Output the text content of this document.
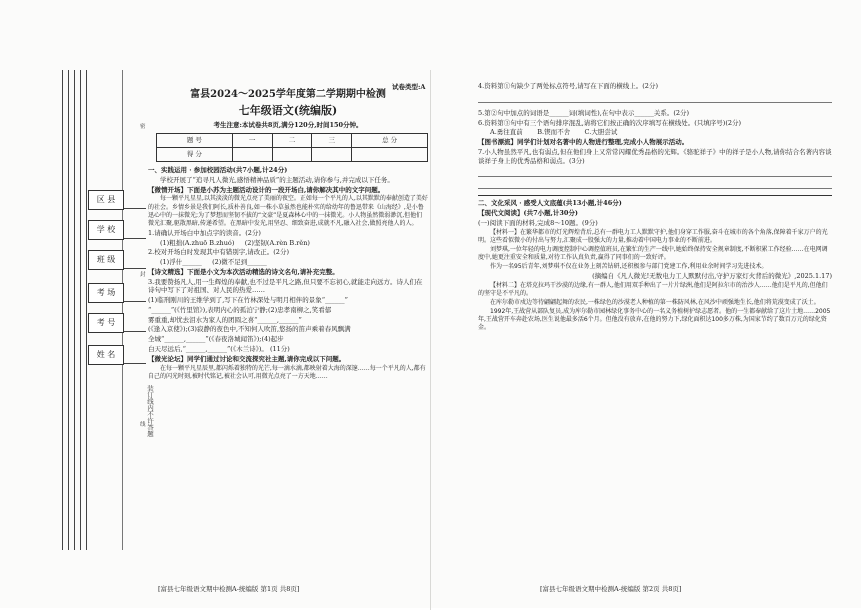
密
封
线
区 县
学 校
班 级
考 场
考 号
姓 名
装订线内不许答题
试卷类型:A
富县2024～2025学年度第二学期期中检测
七年级语文(统编版)
考生注意:本试卷共8页,满分120分,时间150分钟。
题 号	一	二	三	总 分
得 分				
一、实践运用 · 参加校园活动(共7小题,计24分)

学校开展了“追寻凡人微光,感悟精神品质”的主题活动,请你参与,并完成以下任务。

【微情开场】下面是小苏为主题活动设计的一段开场白,请你解决其中的文字问题。

每一颗平凡星星,以其淡淡的微光点亮了美丽的夜空。正如每一个平凡的人,以其默默的奉献创造了美好的社会。乡情乡景是我们阿长,质朴善良,如一株小草虽然也能朴实的给幼年的鲁迅带来《山海经》,是小鲁迅心中的一抹微光;为了梦想而坚韧不拔的“文豪”是夏森林心中的一抹微光。小人物虽然微弱渺沉,但他们微光汇聚,驱散黑暗,传递希望。在黑暗中发光,用坚忍、细致奋进,成就不凡,融入社会,做照亮他人的人。

1.请确认开场白中加点字的读音。(2分)

(1)粗拙(A.zhuō B.zhuó) (2)坚韧(A.rèn B.rěn)

2.校对开场白时发现其中有错别字,请改正。(2分)

(1)浮什______ (2)微不足到______

【诗文精选】下面是小文为本次活动精选的诗文名句,请补充完整。

3.我要赞扬凡人,用一生辉煌的奉献,也不过是平凡之路,但只要不忘初心,就能走向远方。诗人们在诗句中写下了对祖国、对人民的热爱……

(1)临刑刚川的王维学到了,写下在竹林深处与明月相伴的景象“______”

“______”(《竹里馆》),表明内心的孤泊宁静;(2)忠孝南柳之,笑看郁

雾重重,却忧去泪水为家人的团圆之喜“______,______”

(《逢入京使》);(3)寂静的夜色中,不知何人吹笛,悠扬的笛声乘着春风飘满

全城“______,______”(《春夜洛城闻笛》);(4)起步

白天尽远后,“______,______”(《木兰诗》)。 (11分)

【微光论坛】同学们通过讨论和交流探究社主题,请你完成以下问题。

在每一颗平凡星辰里,都闪烁着独特的光芒,每一滴水滴,都映射着大海的深邃……每一个平凡的人,都有自己的闪光时刻,被时代铭记,被社会认可,用微光点亮了一方天地……

4.资料第①句缺少了两处标点符号,请写在下面的横线上。(2分)

5.第②句中加点的词语是______词(填词性),在句中表示______关系。(2分)

6.资料第③句中有三个语句排序混乱,请将它们按正确的次序填写在横线处。(只填序号)(2分)

A.勇往直前 B.锲而不舍 C.大胆尝试

【图书漂流】同学们计划对名著中的人物进行整理,完成小人物展示活动。

7.小人物虽然平凡,也有弱点,但在他们身上又常常闪耀优秀品格的光辉。《骆驼祥子》中的祥子是小人物,请你结合名著内容谈谈祥子身上的优秀品格和弱点。(3分)

二、文化采风 · 感受人文底蕴(共13小题,计46分)

【现代文阅读】(共7小题,计30分)

(一)阅读下面的材料,完成8～10题。(9分)

【材料一】在繁华都市的灯光辉煌背后,总有一群电力工人默默守护,他们身穿工作服,奋斗在城市的各个角落,保障着千家万户的光明。这些看似微小的付出与努力,汇聚成一股强大的力量,推动着中国电力事业的不断前进。

刘梦琪,一位年轻的电力调度控制中心调控值班员,在繁忙的生产一线中,她始终保持安全规章制度,不断积累工作经验……在电网调度中,她更注重安全和质量,对待工作认真负责,赢得了同事们的一致好评。

作为一名95后青年,刘梦琪不仅在业务上刻苦钻研,还积极参与部门党建工作,利用业余时间学习先进技术。

(摘编自《凡人微光!无数电力工人默默付出,守护万家灯火背后的微光》,2025.1.17)

【材料二】在塔克拉玛干沙漠的边缘,有一群人,他们用双手种出了一片片绿洲,他们是阿拉尔市的治沙人……他们是平凡的,但他们的坚守是不平凡的。

在库尔勒市戍边等待翩翩起舞的农民,一株绿色的沙漠老人种植的第一株防风林,在风沙中顽强地生长,他们将荒漠变成了沃土。

1992年,王战营从部队复员,成为库尔勒市园林绿化事务中心的一名义务植树护绿志愿者。他的一生都奉献给了这片土地……2005年,王战营开车奔赴农场,医生说他最多活6个月。但他没有放弃,在他的努力下,绿化面积达100多万株,为国家节约了数百万元的绿化资金。

[富县七年级语文期中检测A-统编版 第1页 共8页]	[富县七年级语文期中检测A-统编版 第2页 共8页]
